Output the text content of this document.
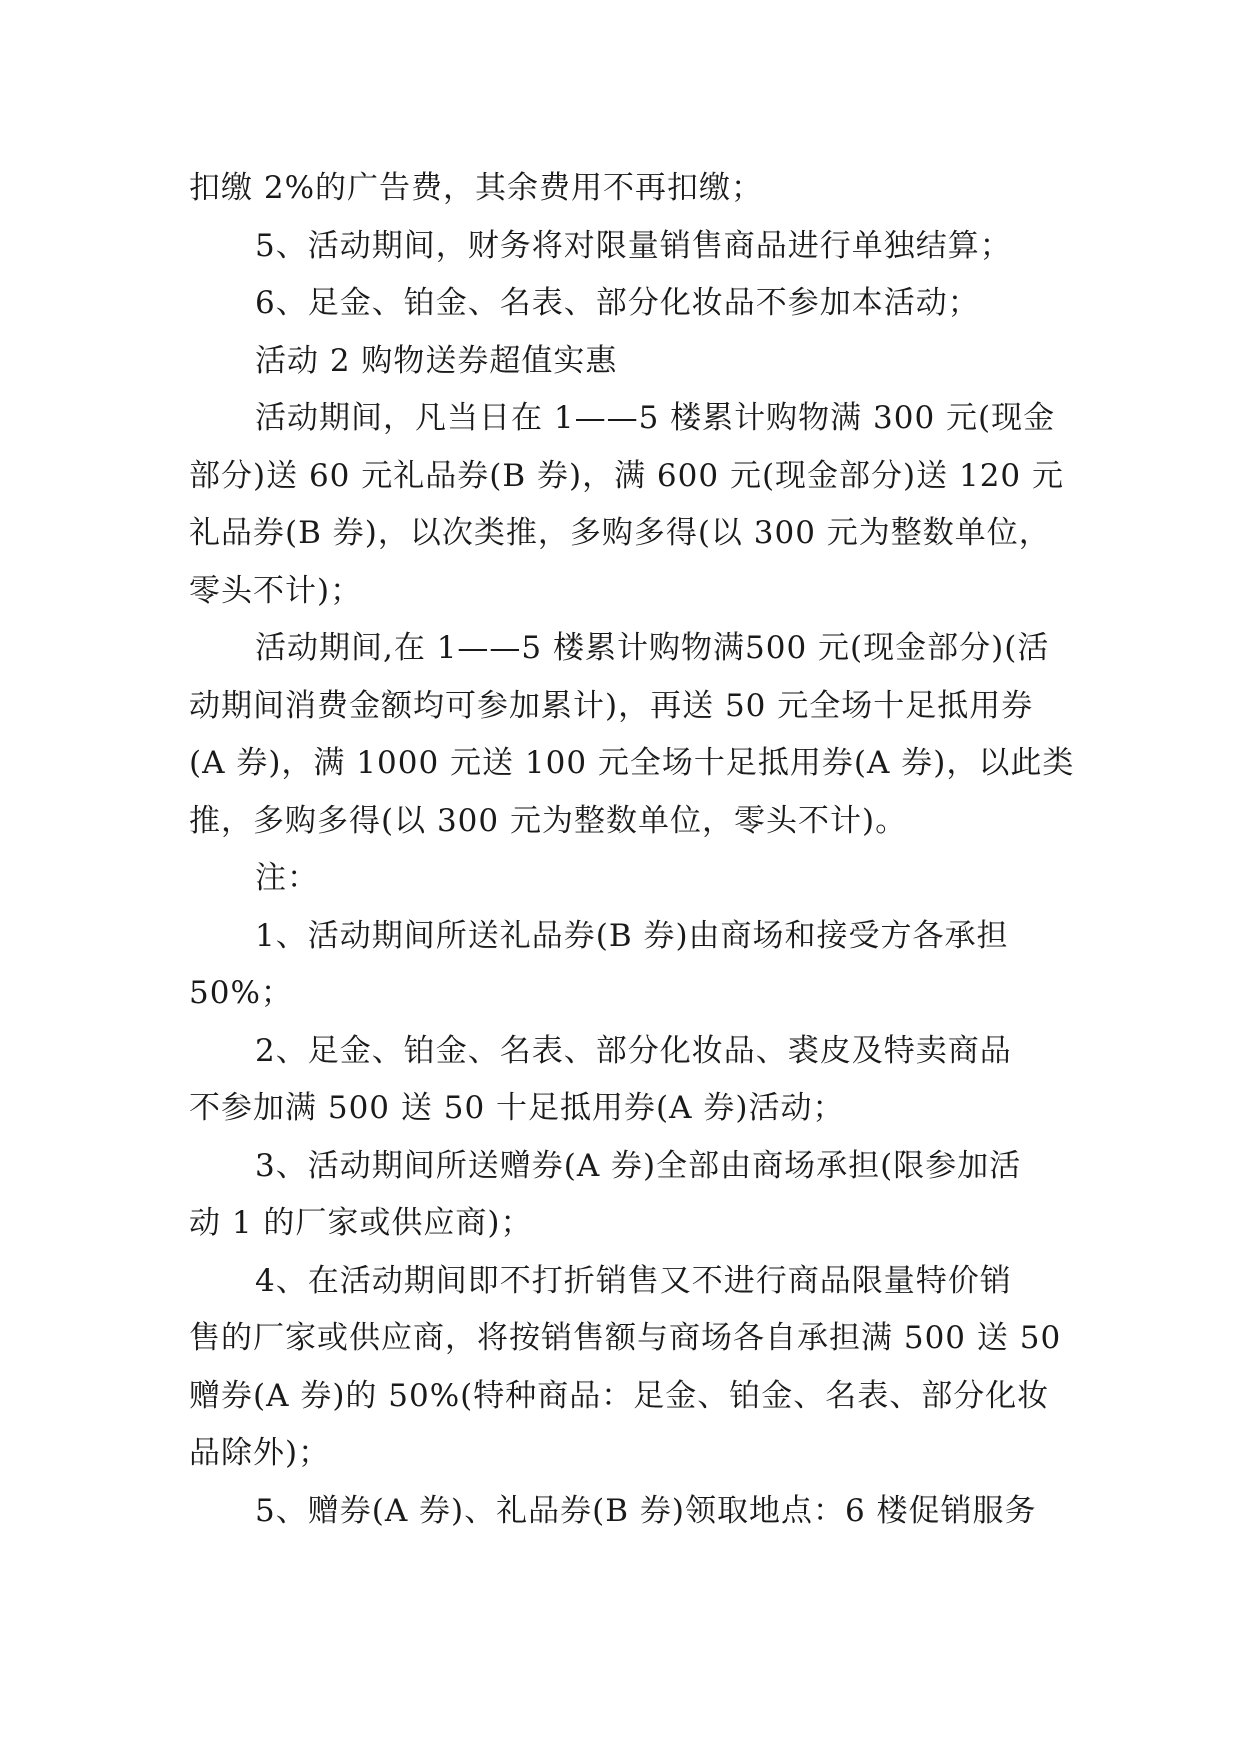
扣缴 2%的广告费，其余费用不再扣缴；
5、活动期间，财务将对限量销售商品进行单独结算；
6、足金、铂金、名表、部分化妆品不参加本活动；
活动 2 购物送券超值实惠
活动期间，凡当日在 1——5 楼累计购物满 300 元(现金
部分)送 60 元礼品券(B 券)，满 600 元(现金部分)送 120 元
礼品券(B 券)，以次类推，多购多得(以 300 元为整数单位，
零头不计)；
活动期间,在 1——5 楼累计购物满500 元(现金部分)(活
动期间消费金额均可参加累计)，再送 50 元全场十足抵用券
(A 券)，满 1000 元送 100 元全场十足抵用券(A 券)，以此类
推，多购多得(以 300 元为整数单位，零头不计)。
注：
1、活动期间所送礼品券(B 券)由商场和接受方各承担
50%；
2、足金、铂金、名表、部分化妆品、裘皮及特卖商品
不参加满 500 送 50 十足抵用券(A 券)活动；
3、活动期间所送赠券(A 券)全部由商场承担(限参加活
动 1 的厂家或供应商)；
4、在活动期间即不打折销售又不进行商品限量特价销
售的厂家或供应商，将按销售额与商场各自承担满 500 送 50
赠券(A 券)的 50%(特种商品：足金、铂金、名表、部分化妆
品除外)；
5、赠券(A 券)、礼品券(B 券)领取地点：6 楼促销服务
